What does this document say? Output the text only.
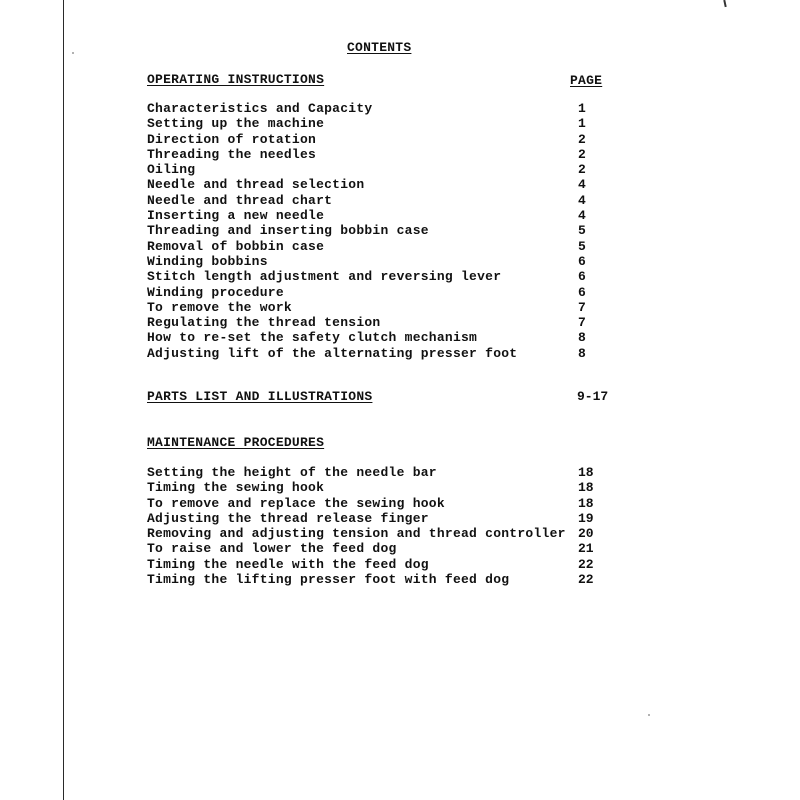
CONTENTS
OPERATING INSTRUCTIONS	PAGE
Characteristics and Capacity	1
Setting up the machine	1
Direction of rotation	2
Threading the needles	2
Oiling	2
Needle and thread selection	4
Needle and thread chart	4
Inserting a new needle	4
Threading and inserting bobbin case	5
Removal of bobbin case	5
Winding bobbins	6
Stitch length adjustment and reversing lever	6
Winding procedure	6
To remove the work	7
Regulating the thread tension	7
How to re-set the safety clutch mechanism	8
Adjusting lift of the alternating presser foot	8
PARTS LIST AND ILLUSTRATIONS	9-17
MAINTENANCE PROCEDURES
Setting the height of the needle bar	18
Timing the sewing hook	18
To remove and replace the sewing hook	18
Adjusting the thread release finger	19
Removing and adjusting tension and thread controller 20
To raise and lower the feed dog	21
Timing the needle with the feed dog	22
Timing the lifting presser foot with feed dog	22
